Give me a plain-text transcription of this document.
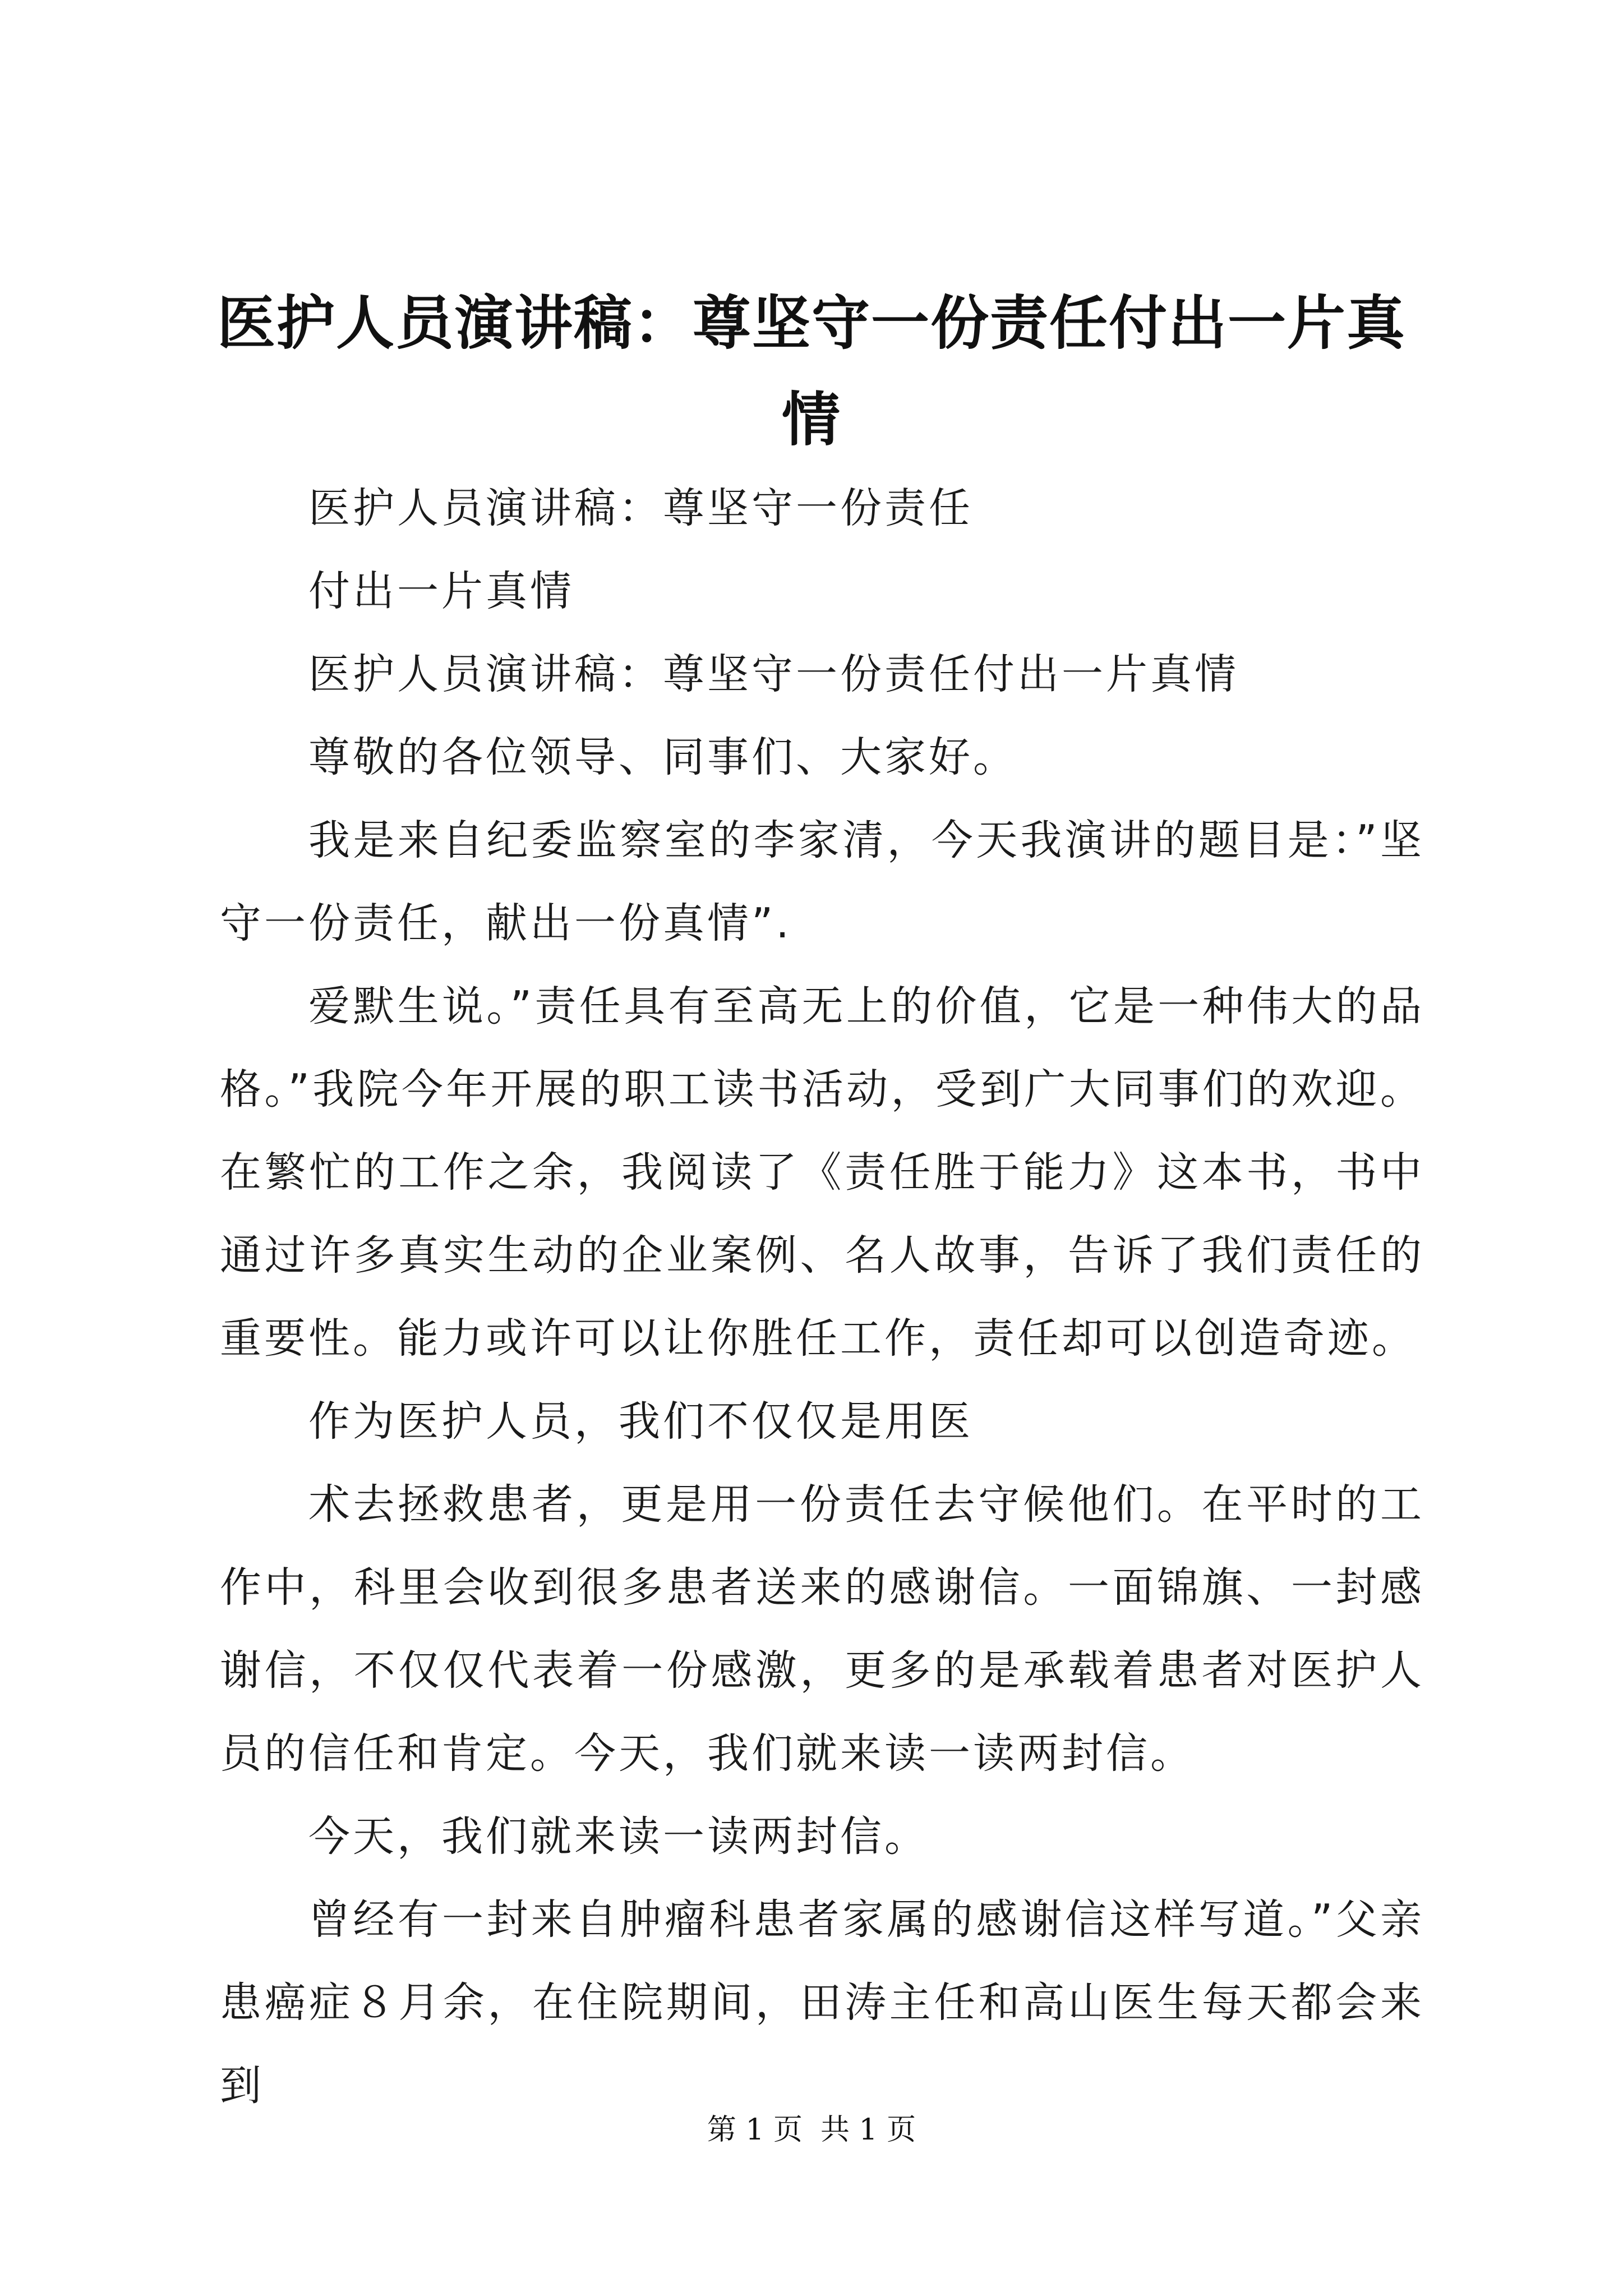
医护人员演讲稿：尊坚守一份责任付出一片真情

医护人员演讲稿：尊坚守一份责任

付出一片真情

医护人员演讲稿：尊坚守一份责任付出一片真情

尊敬的各位领导、同事们、大家好。

我是来自纪委监察室的李家清，今天我演讲的题目是：”坚守一份责任，献出一份真情”.

爱默生说。”责任具有至高无上的价值，它是一种伟大的品格。”我院今年开展的职工读书活动，受到广大同事们的欢迎。在繁忙的工作之余，我阅读了《责任胜于能力》这本书，书中通过许多真实生动的企业案例、名人故事，告诉了我们责任的重要性。能力或许可以让你胜任工作，责任却可以创造奇迹。

作为医护人员，我们不仅仅是用医

术去拯救患者，更是用一份责任去守候他们。在平时的工作中，科里会收到很多患者送来的感谢信。一面锦旗、一封感谢信，不仅仅代表着一份感激，更多的是承载着患者对医护人员的信任和肯定。今天，我们就来读一读两封信。

今天，我们就来读一读两封信。

曾经有一封来自肿瘤科患者家属的感谢信这样写道。”父亲患癌症８月余，在住院期间，田涛主任和高山医生每天都会来到

第 1 页 共 1 页
